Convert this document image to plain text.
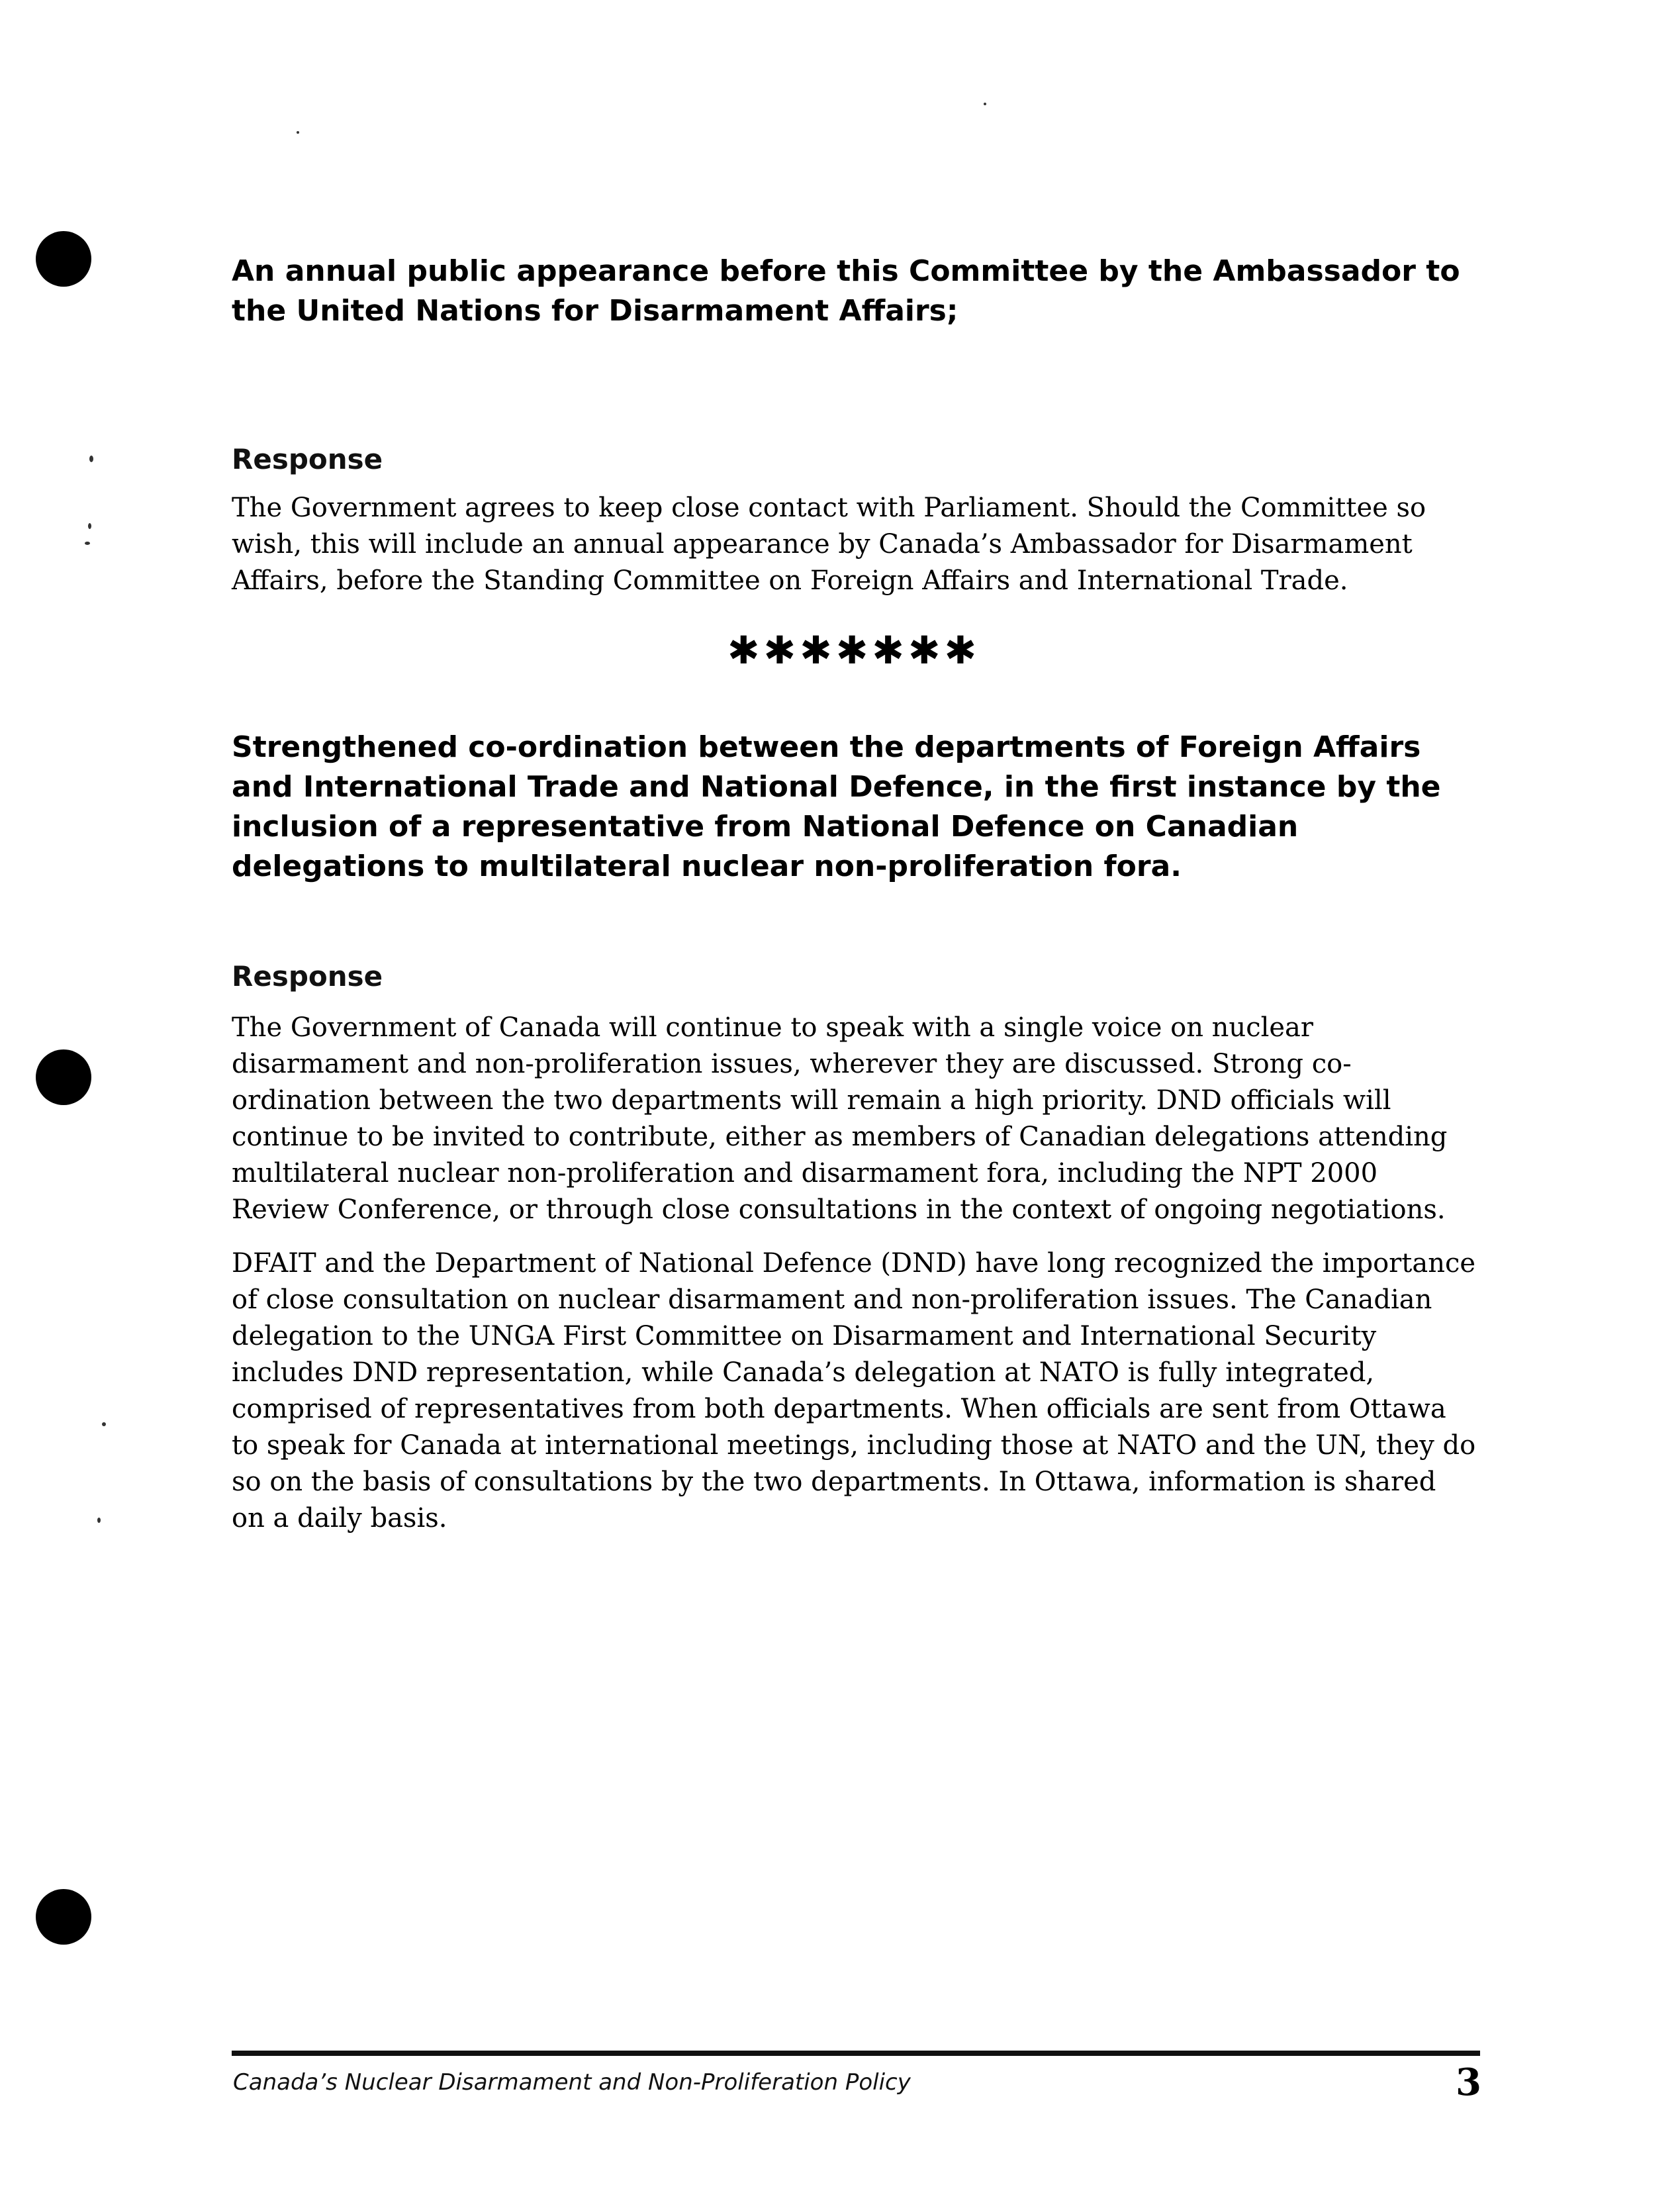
An annual public appearance before this Committee by the Ambassador to the United Nations for Disarmament Affairs;

Response

The Government agrees to keep close contact with Parliament. Should the Committee so wish, this will include an annual appearance by Canada’s Ambassador for Disarmament Affairs, before the Standing Committee on Foreign Affairs and International Trade.

✱✱✱✱✱✱✱

Strengthened co-ordination between the departments of Foreign Affairs and International Trade and National Defence, in the first instance by the inclusion of a representative from National Defence on Canadian delegations to multilateral nuclear non-proliferation fora.

Response

The Government of Canada will continue to speak with a single voice on nuclear disarmament and non-proliferation issues, wherever they are discussed. Strong co-ordination between the two departments will remain a high priority. DND officials will continue to be invited to contribute, either as members of Canadian delegations attending multilateral nuclear non-proliferation and disarmament fora, including the NPT 2000 Review Conference, or through close consultations in the context of ongoing negotiations.

DFAIT and the Department of National Defence (DND) have long recognized the importance of close consultation on nuclear disarmament and non-proliferation issues. The Canadian delegation to the UNGA First Committee on Disarmament and International Security includes DND representation, while Canada’s delegation at NATO is fully integrated, comprised of representatives from both departments. When officials are sent from Ottawa to speak for Canada at international meetings, including those at NATO and the UN, they do so on the basis of consultations by the two departments. In Ottawa, information is shared on a daily basis.

Canada’s Nuclear Disarmament and Non-Proliferation Policy	3
